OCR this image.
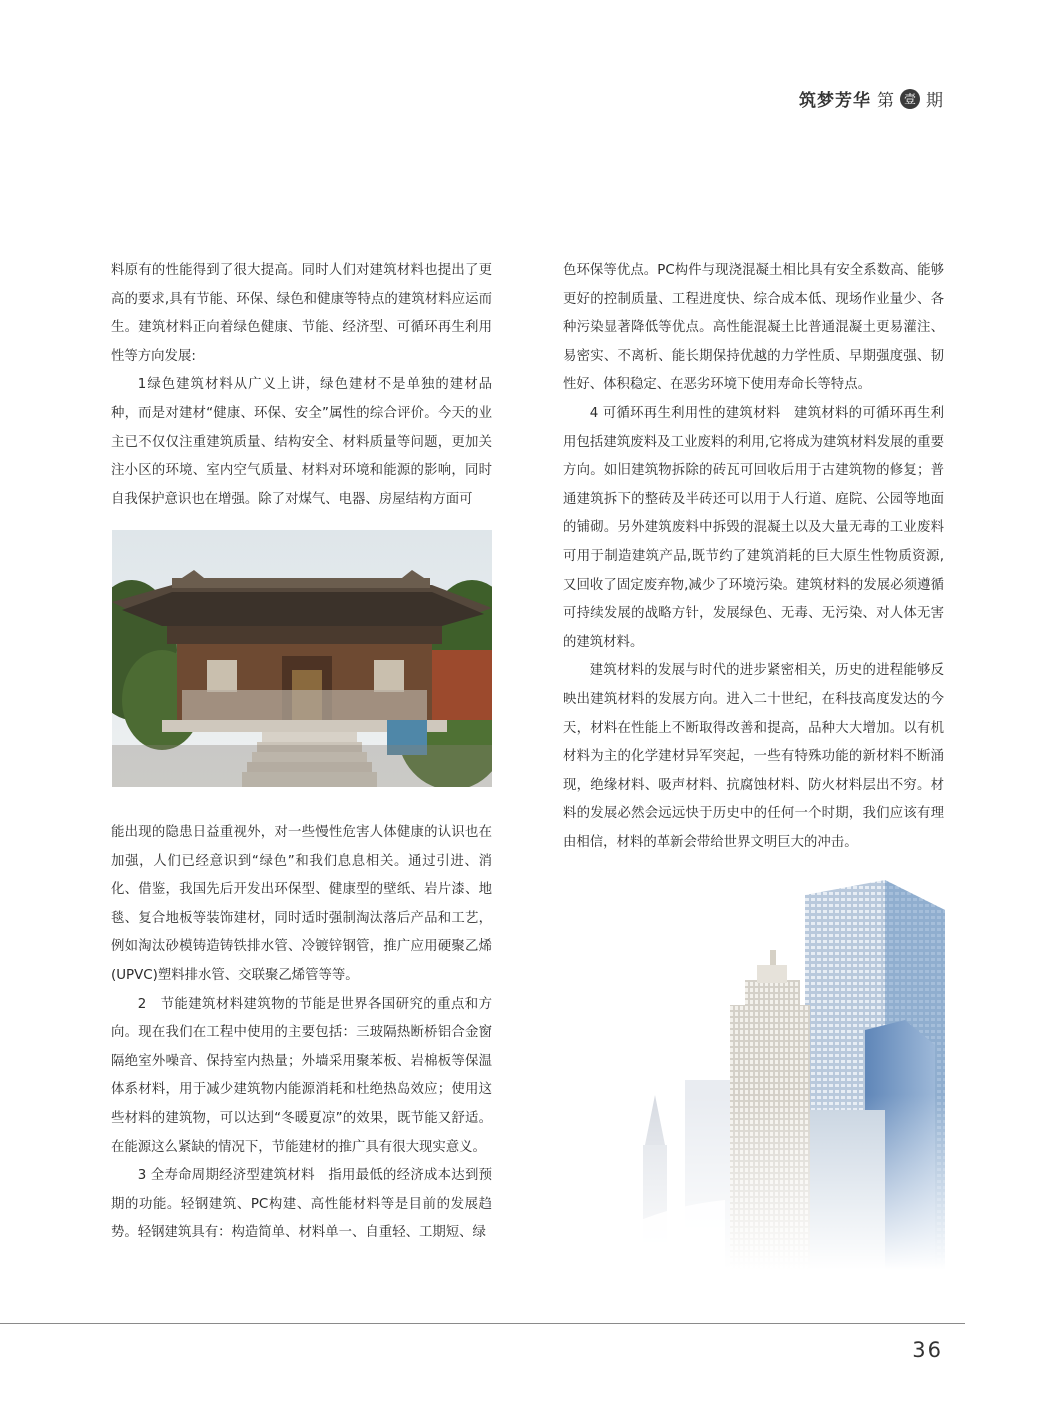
筑梦芳华 第 壹 期

料原有的性能得到了很大提高。同时人们对建筑材料也提出了更高的要求,具有节能、环保、绿色和健康等特点的建筑材料应运而生。建筑材料正向着绿色健康、节能、经济型、可循环再生利用性等方向发展:

1绿色建筑材料从广义上讲，绿色建材不是单独的建材品种，而是对建材“健康、环保、安全”属性的综合评价。今天的业主已不仅仅注重建筑质量、结构安全、材料质量等问题，更加关注小区的环境、室内空气质量、材料对环境和能源的影响，同时自我保护意识也在增强。除了对煤气、电器、房屋结构方面可

能出现的隐患日益重视外，对一些慢性危害人体健康的认识也在加强，人们已经意识到“绿色”和我们息息相关。通过引进、消化、借鉴，我国先后开发出环保型、健康型的壁纸、岩片漆、地毯、复合地板等装饰建材，同时适时强制淘汰落后产品和工艺，例如淘汰砂模铸造铸铁排水管、冷镀锌钢管，推广应用硬聚乙烯(UPVC)塑料排水管、交联聚乙烯管等等。

2　节能建筑材料建筑物的节能是世界各国研究的重点和方向。现在我们在工程中使用的主要包括：三玻隔热断桥铝合金窗隔绝室外噪音、保持室内热量；外墙采用聚苯板、岩棉板等保温体系材料，用于减少建筑物内能源消耗和杜绝热岛效应；使用这些材料的建筑物，可以达到“冬暖夏凉”的效果，既节能又舒适。在能源这么紧缺的情况下，节能建材的推广具有很大现实意义。

3 全寿命周期经济型建筑材料　指用最低的经济成本达到预期的功能。轻钢建筑、PC构建、高性能材料等是目前的发展趋势。轻钢建筑具有：构造简单、材料单一、自重轻、工期短、绿

色环保等优点。PC构件与现浇混凝土相比具有安全系数高、能够更好的控制质量、工程进度快、综合成本低、现场作业量少、各种污染显著降低等优点。高性能混凝土比普通混凝土更易灌注、易密实、不离析、能长期保持优越的力学性质、早期强度强、韧性好、体积稳定、在恶劣环境下使用寿命长等特点。

4 可循环再生利用性的建筑材料　建筑材料的可循环再生利用包括建筑废料及工业废料的利用,它将成为建筑材料发展的重要方向。如旧建筑物拆除的砖瓦可回收后用于古建筑物的修复；普通建筑拆下的整砖及半砖还可以用于人行道、庭院、公园等地面的铺砌。另外建筑废料中拆毁的混凝土以及大量无毒的工业废料可用于制造建筑产品,既节约了建筑消耗的巨大原生性物质资源,又回收了固定废弃物,减少了环境污染。建筑材料的发展必须遵循可持续发展的战略方针，发展绿色、无毒、无污染、对人体无害的建筑材料。

建筑材料的发展与时代的进步紧密相关，历史的进程能够反映出建筑材料的发展方向。进入二十世纪，在科技高度发达的今天，材料在性能上不断取得改善和提高，品种大大增加。以有机材料为主的化学建材异军突起，一些有特殊功能的新材料不断涌现，绝缘材料、吸声材料、抗腐蚀材料、防火材料层出不穷。材料的发展必然会远远快于历史中的任何一个时期，我们应该有理由相信，材料的革新会带给世界文明巨大的冲击。

36
